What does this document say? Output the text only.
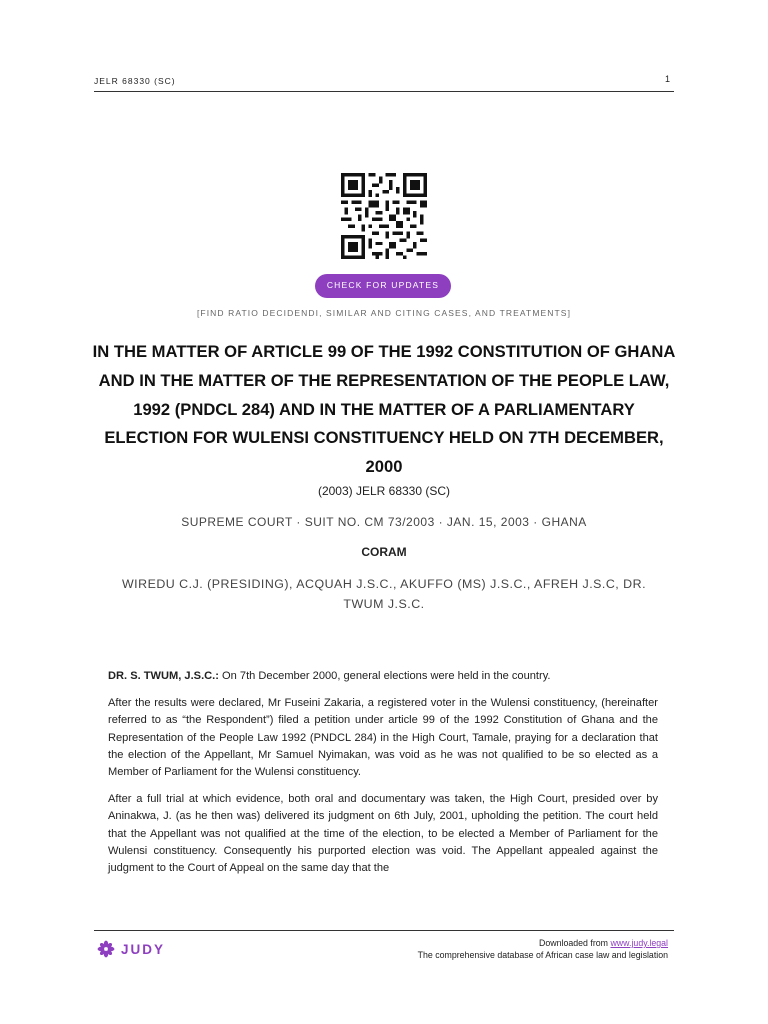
JELR 68330 (SC)	1
CHECK FOR UPDATES
[FIND RATIO DECIDENDI, SIMILAR AND CITING CASES, AND TREATMENTS]
IN THE MATTER OF ARTICLE 99 OF THE 1992 CONSTITUTION OF GHANA AND IN THE MATTER OF THE REPRESENTATION OF THE PEOPLE LAW, 1992 (PNDCL 284) AND IN THE MATTER OF A PARLIAMENTARY ELECTION FOR WULENSI CONSTITUENCY HELD ON 7TH DECEMBER, 2000
(2003) JELR 68330 (SC)
SUPREME COURT · SUIT NO. CM 73/2003 · JAN. 15, 2003 · GHANA
CORAM
WIREDU C.J. (PRESIDING), ACQUAH J.S.C., AKUFFO (MS) J.S.C., AFREH J.S.C, DR. TWUM J.S.C.

DR. S. TWUM, J.S.C.: On 7th December 2000, general elections were held in the country.

After the results were declared, Mr Fuseini Zakaria, a registered voter in the Wulensi constituency, (hereinafter referred to as “the Respondent”) filed a petition under article 99 of the 1992 Constitution of Ghana and the Representation of the People Law 1992 (PNDCL 284) in the High Court, Tamale, praying for a declaration that the election of the Appellant, Mr Samuel Nyimakan, was void as he was not qualified to be so elected as a Member of Parliament for the Wulensi constituency.

After a full trial at which evidence, both oral and documentary was taken, the High Court, presided over by Aninakwa, J. (as he then was) delivered its judgment on 6th July, 2001, upholding the petition. The court held that the Appellant was not qualified at the time of the election, to be elected a Member of Parliament for the Wulensi constituency. Consequently his purported election was void. The Appellant appealed against the judgment to the Court of Appeal on the same day that the

JUDY	Downloaded from www.judy.legal
The comprehensive database of African case law and legislation
